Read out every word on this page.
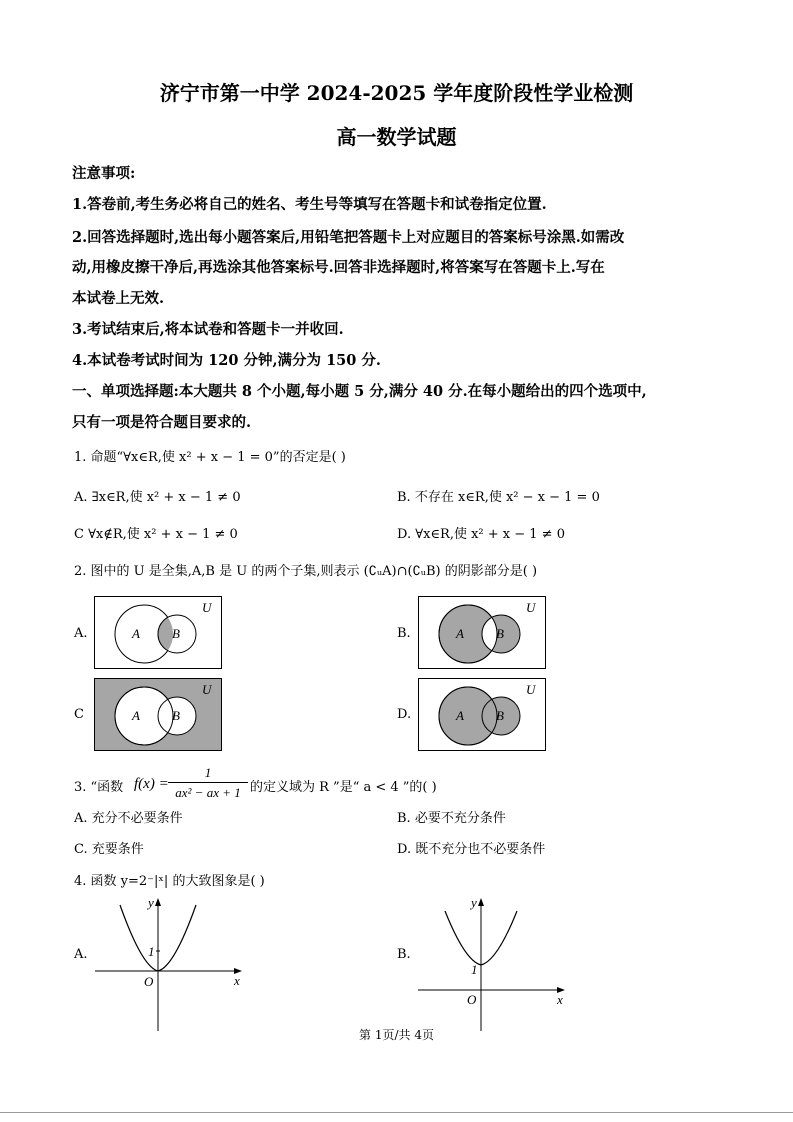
济宁市第一中学 2024-2025 学年度阶段性学业检测
高一数学试题
注意事项:
1.答卷前,考生务必将自己的姓名、考生号等填写在答题卡和试卷指定位置.
2.回答选择题时,选出每小题答案后,用铅笔把答题卡上对应题目的答案标号涂黑.如需改
动,用橡皮擦干净后,再选涂其他答案标号.回答非选择题时,将答案写在答题卡上.写在
本试卷上无效.
3.考试结束后,将本试卷和答题卡一并收回.
4.本试卷考试时间为 120 分钟,满分为 150 分.
一、单项选择题:本大题共 8 个小题,每小题 5 分,满分 40 分.在每小题给出的四个选项中,
只有一项是符合题目要求的.
1. 命题“∀x∈R,使 x² + x − 1 = 0”的否定是( )
A. ∃x∈R,使 x² + x − 1 ≠ 0	B. 不存在 x∈R,使 x² − x − 1 = 0
C ∀x∉R,使 x² + x − 1 ≠ 0	D. ∀x∈R,使 x² + x − 1 ≠ 0
2. 图中的 U 是全集,A,B 是 U 的两个子集,则表示 (∁ᵤA)∩(∁ᵤB) 的阴影部分是( )
A.	A B
U
B.	A B
U
C	A B
U
D.	A B
U
3. “函数 f(x) =
1
ax² − ax + 1 的定义域为 R ”是“ a < 4 ”的( )
A. 充分不必要条件	B. 必要不充分条件
C. 充要条件	D. 既不充分也不必要条件
4. 函数 y=2⁻|ˣ| 的大致图象是( )
A.	1
O	x
y
B.
1
O	x
y
第 1页/共 4页
